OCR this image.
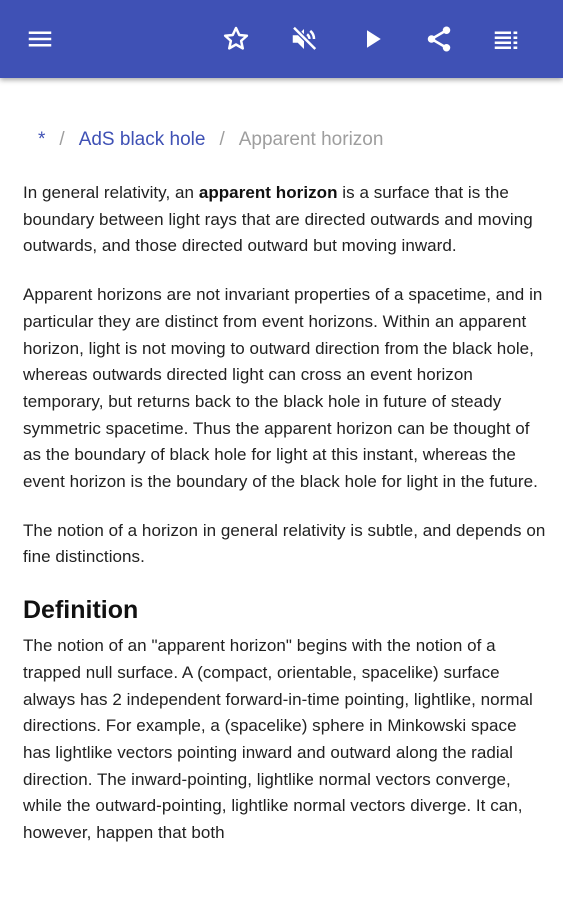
* / AdS black hole / Apparent horizon

In general relativity, an apparent horizon is a surface that is the boundary between light rays that are directed outwards and moving outwards, and those directed outward but moving inward.

Apparent horizons are not invariant properties of a spacetime, and in particular they are distinct from event horizons. Within an apparent horizon, light is not moving to outward direction from the black hole, whereas outwards directed light can cross an event horizon temporary, but returns back to the black hole in future of steady symmetric spacetime. Thus the apparent horizon can be thought of as the boundary of black hole for light at this instant, whereas the event horizon is the boundary of the black hole for light in the future.

The notion of a horizon in general relativity is subtle, and depends on fine distinctions.

Definition

The notion of an "apparent horizon" begins with the notion of a trapped null surface. A (compact, orientable, spacelike) surface always has 2 independent forward-in-time pointing, lightlike, normal directions. For example, a (spacelike) sphere in Minkowski space has lightlike vectors pointing inward and outward along the radial direction. The inward-pointing, lightlike normal vectors converge, while the outward-pointing, lightlike normal vectors diverge. It can, however, happen that both
